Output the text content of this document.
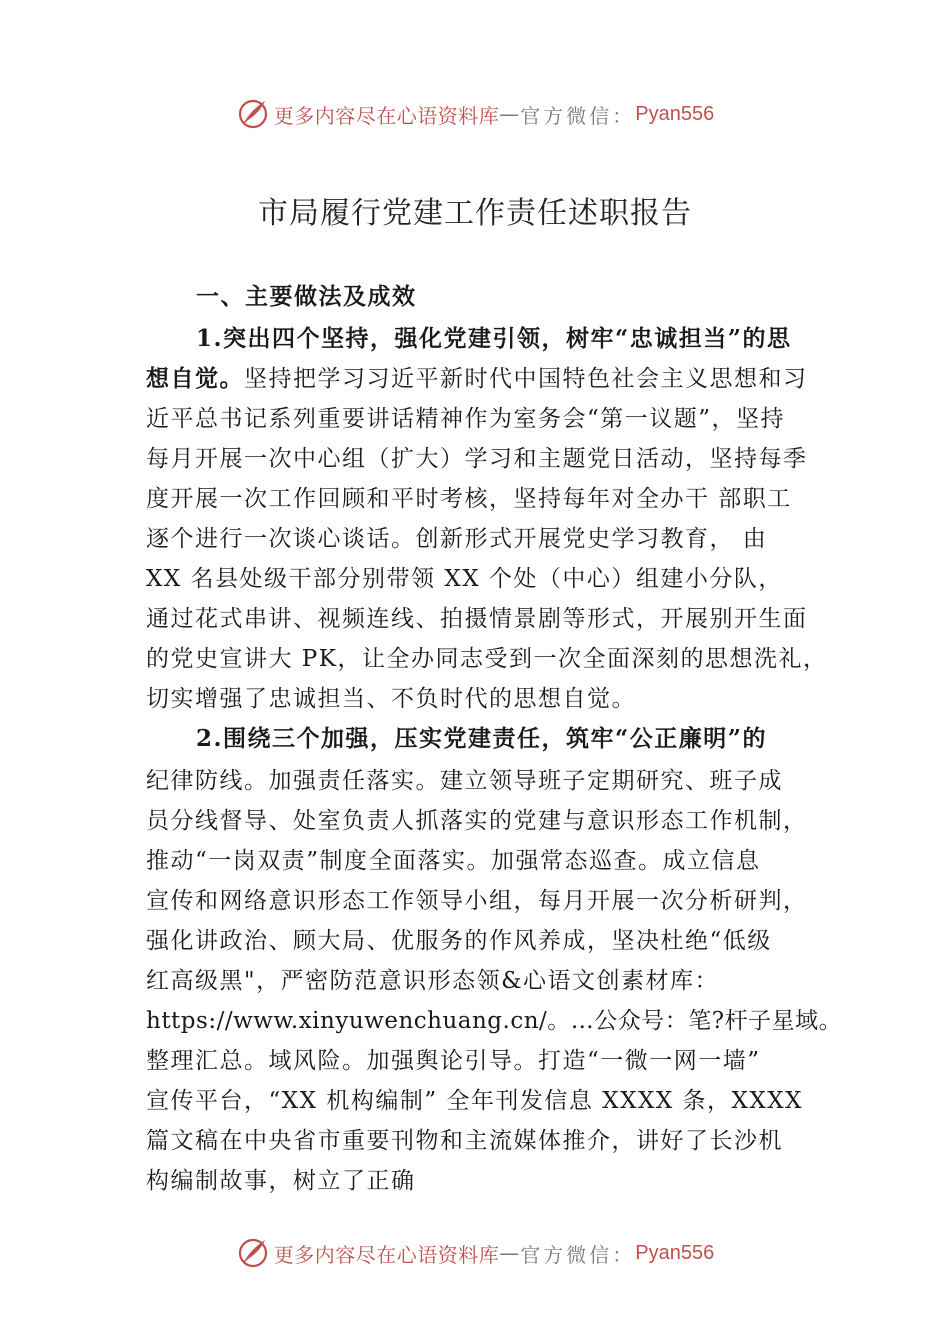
更多内容尽在心语资料库 — 官方微信： Pyan556
市局履行党建工作责任述职报告
一、主要做法及成效
1.突出四个坚持，强化党建引领，树牢“忠诚担当”的思
想自觉。坚持把学习习近平新时代中国特色社会主义思想和习
近平总书记系列重要讲话精神作为室务会“第一议题”，坚持
每月开展一次中心组（扩大）学习和主题党日活动，坚持每季
度开展一次工作回顾和平时考核，坚持每年对全办干 部职工
逐个进行一次谈心谈话。创新形式开展党史学习教育， 由
XX 名县处级干部分别带领 XX 个处（中心）组建小分队，
通过花式串讲、视频连线、拍摄情景剧等形式，开展别开生面
的党史宣讲大 PK，让全办同志受到一次全面深刻的思想洗礼，
切实增强了忠诚担当、不负时代的思想自觉。
2.围绕三个加强，压实党建责任，筑牢“公正廉明”的
纪律防线。加强责任落实。建立领导班子定期研究、班子成
员分线督导、处室负责人抓落实的党建与意识形态工作机制，
推动“一岗双责”制度全面落实。加强常态巡查。成立信息
宣传和网络意识形态工作领导小组，每月开展一次分析研判，
强化讲政治、顾大局、优服务的作风养成，坚决杜绝“低级
红高级黑"，严密防范意识形态领&心语文创素材库：
https://www.xinyuwenchuang.cn/。…公众号：笔?杆子星域。
整理汇总。域风险。加强舆论引导。打造“一微一网一墙”
宣传平台，“XX 机构编制” 全年刊发信息 XXXX 条，XXXX
篇文稿在中央省市重要刊物和主流媒体推介，讲好了长沙机
构编制故事，树立了正确
更多内容尽在心语资料库 — 官方微信： Pyan556
